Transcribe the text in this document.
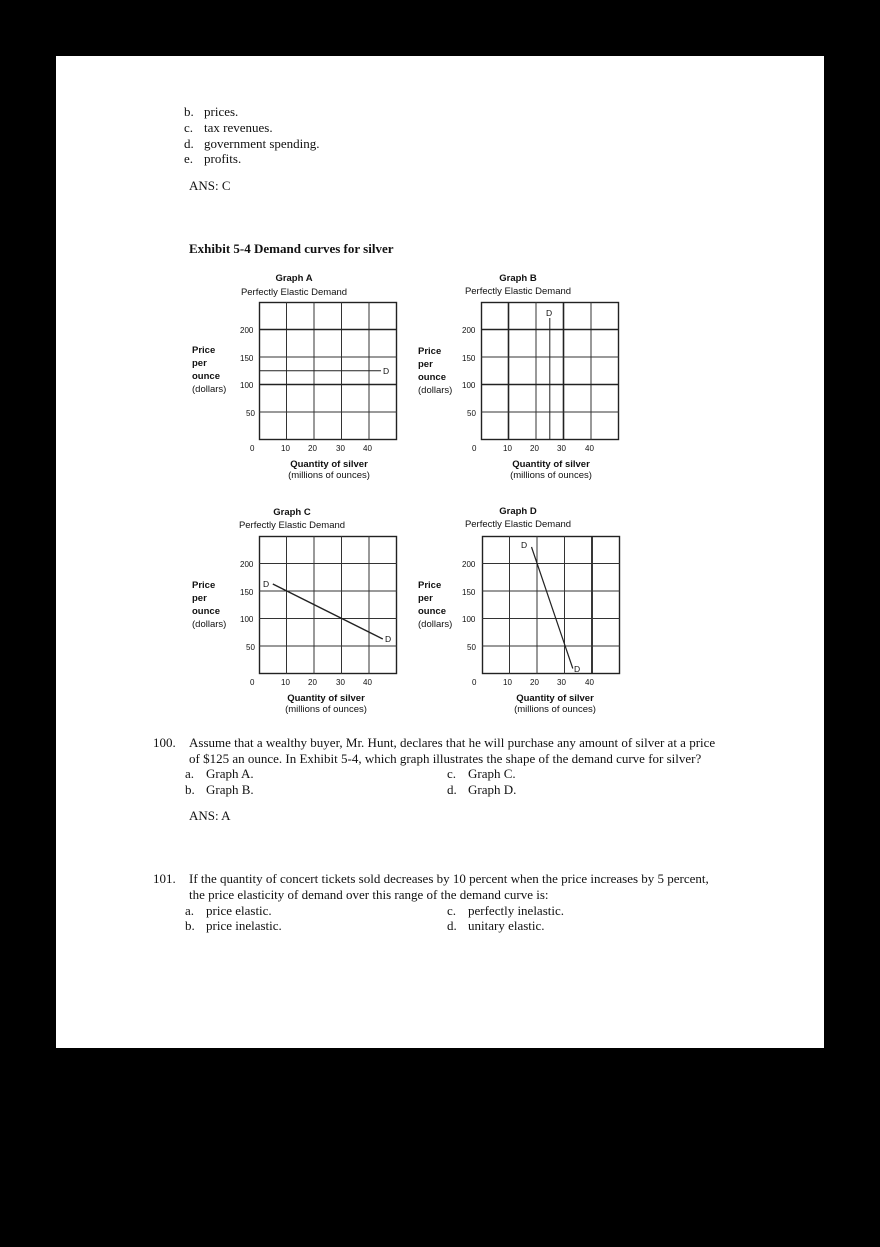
b. prices.
c. tax revenues.
d. government spending.
e. profits.
ANS: C
Exhibit 5-4 Demand curves for silver
Graph A
Perfectly Elastic Demand
Price
per
ounce
(dollars)
200
150
100
50
0	10 20 30 40
Quantity of silver
(millions of ounces)
D
Graph B
Perfectly Elastic Demand
Price
per
ounce
(dollars)
200
150
100
50
0	10 20 30 40
Quantity of silver
(millions of ounces)
D
Graph C
Perfectly Elastic Demand
Price
per
ounce
(dollars)
200
150
100
50
0	10 20 30 40
Quantity of silver
(millions of ounces)
D
D
Graph D
Perfectly Elastic Demand
Price
per
ounce
(dollars)
200
150
100
50
0	10 20 30 40
Quantity of silver
(millions of ounces)
D
D
100. Assume that a wealthy buyer, Mr. Hunt, declares that he will purchase any amount of silver at a price
of $125 an ounce. In Exhibit 5-4, which graph illustrates the shape of the demand curve for silver?
a. Graph A.
b. Graph B.
c. Graph C.
d. Graph D.
ANS: A
101. If the quantity of concert tickets sold decreases by 10 percent when the price increases by 5 percent,
the price elasticity of demand over this range of the demand curve is:
a. price elastic.
b. price inelastic.
c. perfectly inelastic.
d. unitary elastic.
